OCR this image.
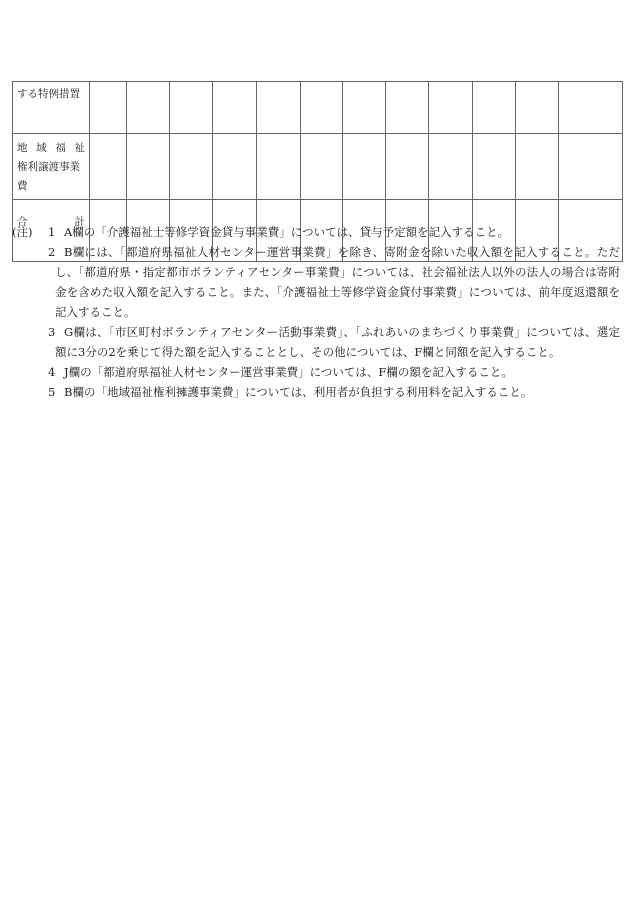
する特例措置												

地 域 福 祉
権利譲渡事業費												

合 計												

(注) 1 A欄の「介護福祉士等修学資金貸与事業費」については、貸与予定額を記入すること。
2 B欄には、「都道府県福祉人材センター運営事業費」を除き、寄附金を除いた収入額を記入すること。ただ
し、「都道府県・指定都市ボランティアセンター事業費」については、社会福祉法人以外の法人の場合は寄附
金を含めた収入額を記入すること。また、「介護福祉士等修学資金貸付事業費」については、前年度返還額を
記入すること。
3 G欄は、「市区町村ボランティアセンター活動事業費」、「ふれあいのまちづくり事業費」については、選定
額に3分の2を乗じて得た額を記入することとし、その他については、F欄と同額を記入すること。
4 J欄の「都道府県福祉人材センター運営事業費」については、F欄の額を記入すること。
5 B欄の「地域福祉権利擁護事業費」については、利用者が負担する利用料を記入すること。
